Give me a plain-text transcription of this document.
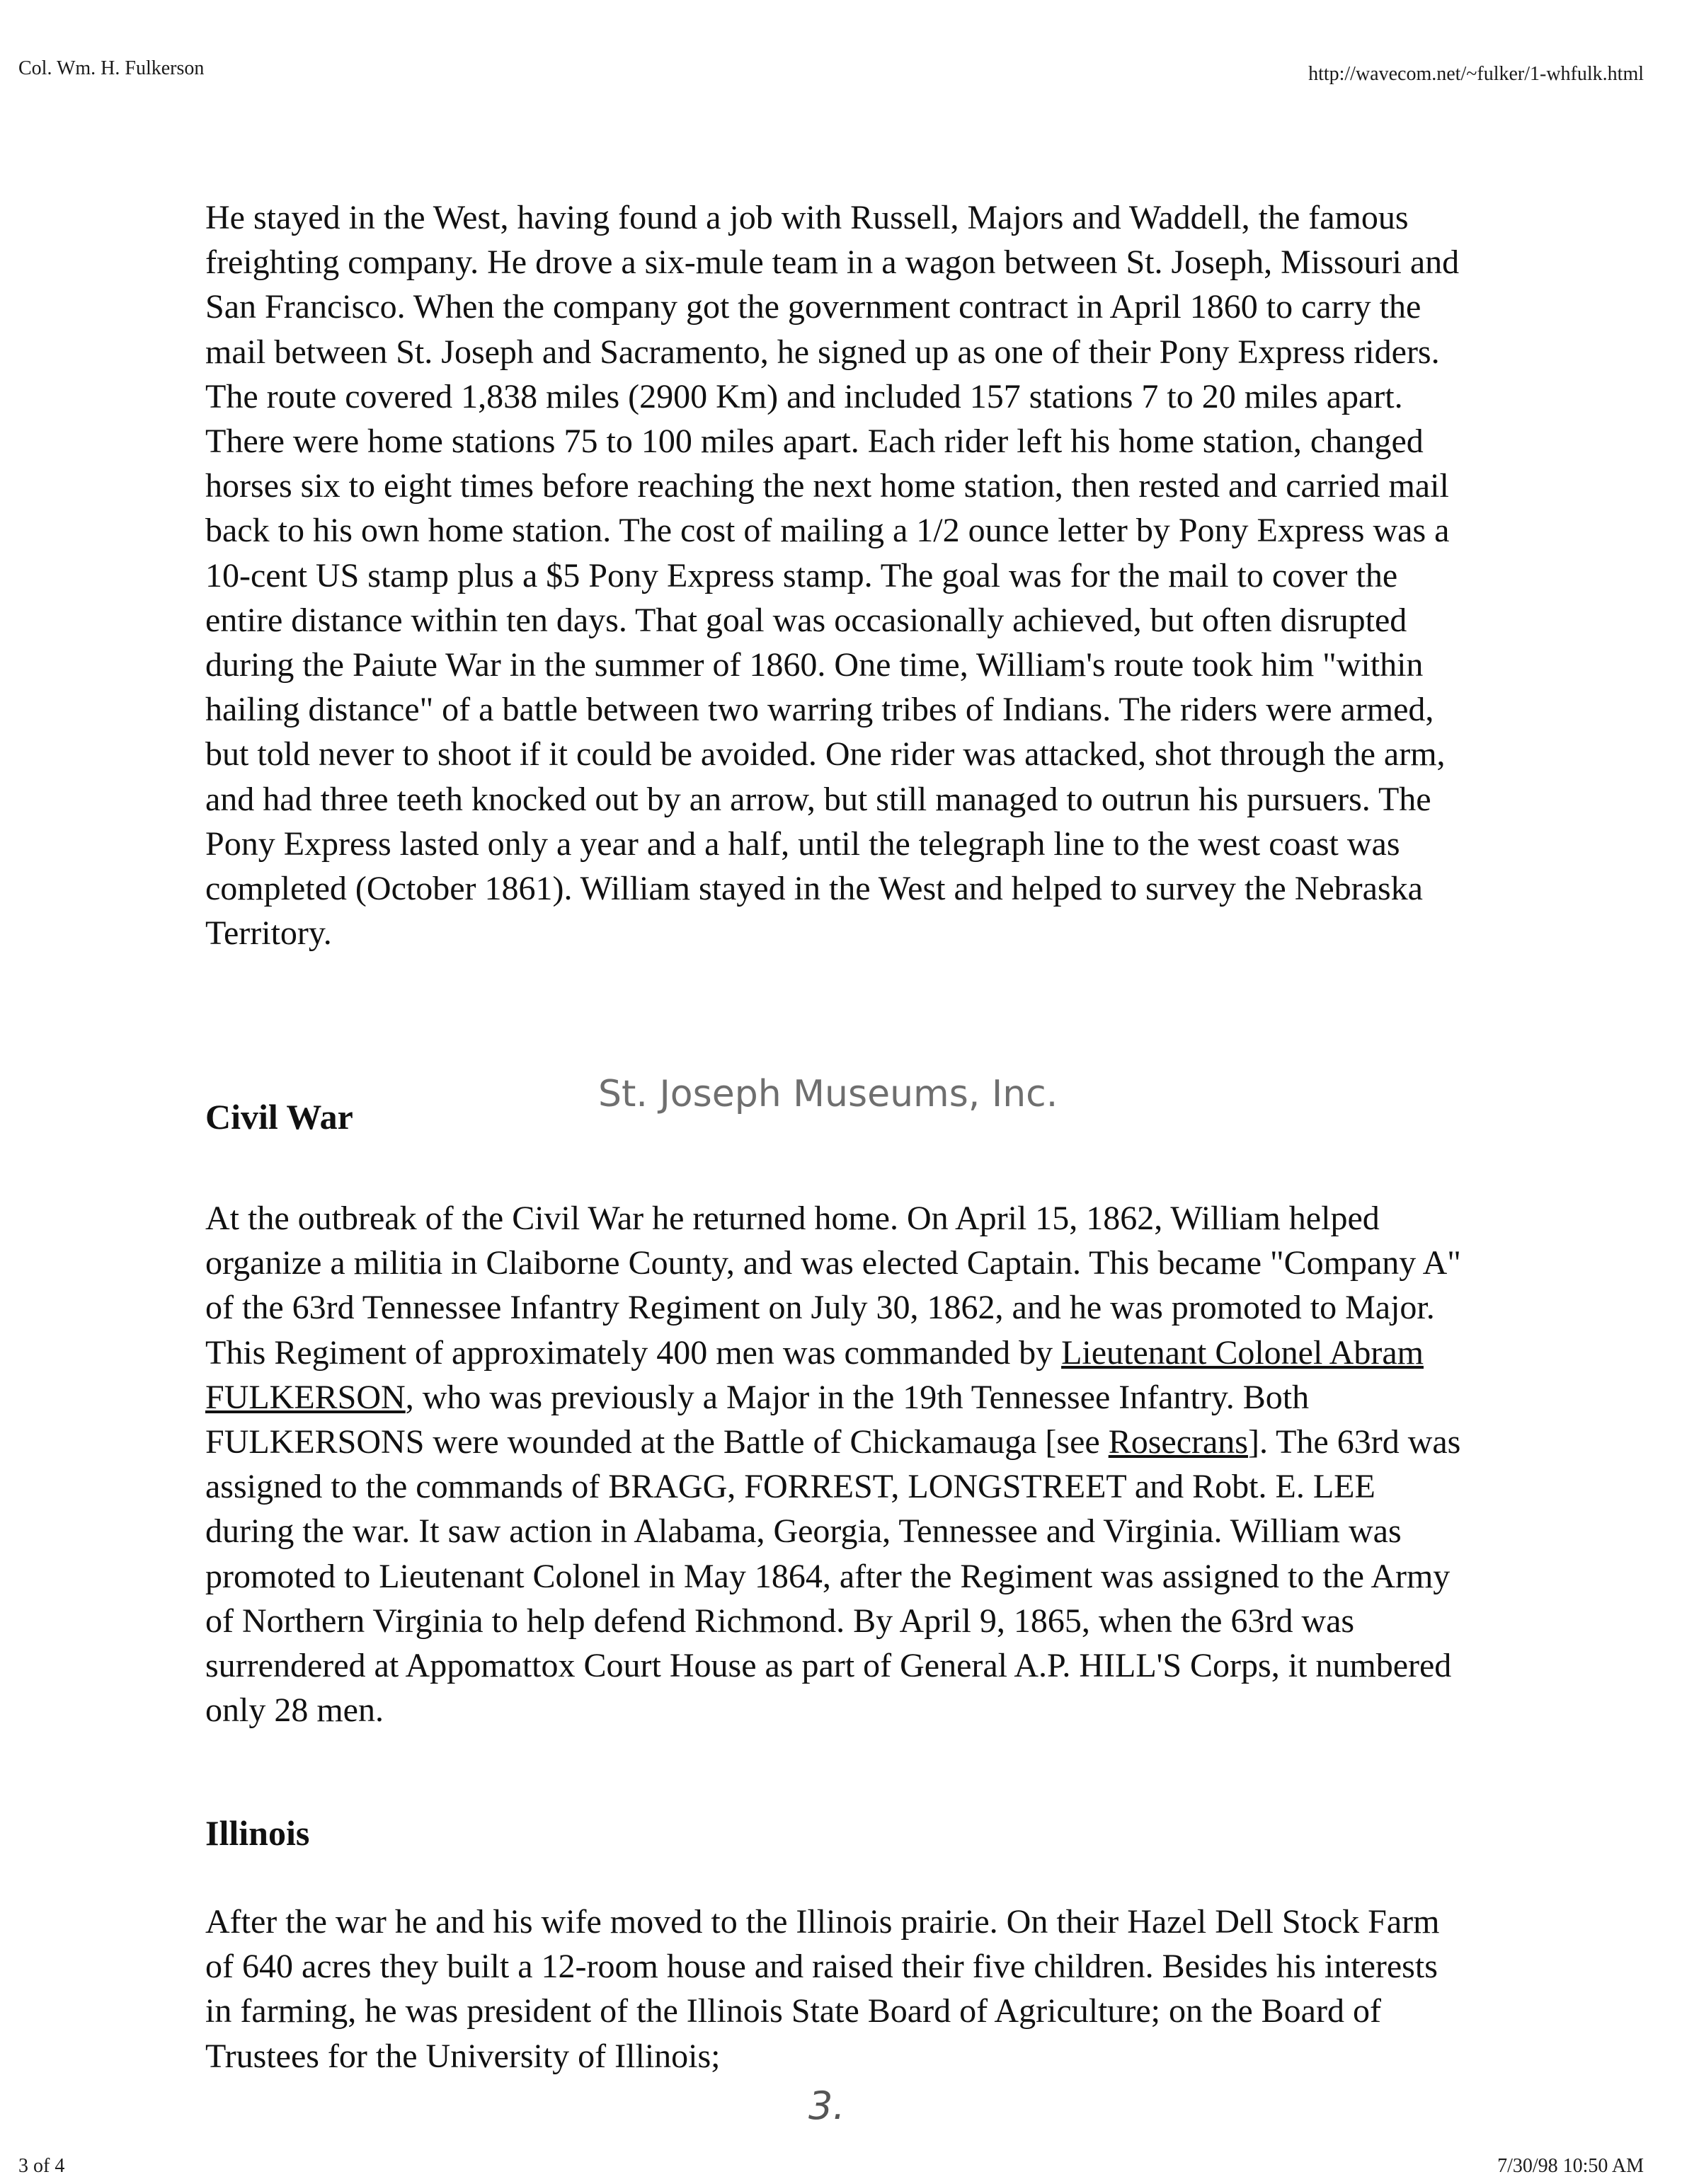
Col. Wm. H. Fulkerson	http://wavecom.net/~fulker/1-whfulk.html

He stayed in the West, having found a job with Russell, Majors and Waddell, the famous freighting company. He drove a six-mule team in a wagon between St. Joseph, Missouri and San Francisco. When the company got the government contract in April 1860 to carry the mail between St. Joseph and Sacramento, he signed up as one of their Pony Express riders. The route covered 1,838 miles (2900 Km) and included 157 stations 7 to 20 miles apart. There were home stations 75 to 100 miles apart. Each rider left his home station, changed horses six to eight times before reaching the next home station, then rested and carried mail back to his own home station. The cost of mailing a 1/2 ounce letter by Pony Express was a 10-cent US stamp plus a $5 Pony Express stamp. The goal was for the mail to cover the entire distance within ten days. That goal was occasionally achieved, but often disrupted during the Paiute War in the summer of 1860. One time, William's route took him "within hailing distance" of a battle between two warring tribes of Indians. The riders were armed, but told never to shoot if it could be avoided. One rider was attacked, shot through the arm, and had three teeth knocked out by an arrow, but still managed to outrun his pursuers. The Pony Express lasted only a year and a half, until the telegraph line to the west coast was completed (October 1861). William stayed in the West and helped to survey the Nebraska Territory.

Civil War
St. Joseph Museums, Inc.

At the outbreak of the Civil War he returned home. On April 15, 1862, William helped organize a militia in Claiborne County, and was elected Captain. This became "Company A" of the 63rd Tennessee Infantry Regiment on July 30, 1862, and he was promoted to Major. This Regiment of approximately 400 men was commanded by Lieutenant Colonel Abram FULKERSON, who was previously a Major in the 19th Tennessee Infantry. Both FULKERSONS were wounded at the Battle of Chickamauga [see Rosecrans]. The 63rd was assigned to the commands of BRAGG, FORREST, LONGSTREET and Robt. E. LEE during the war. It saw action in Alabama, Georgia, Tennessee and Virginia. William was promoted to Lieutenant Colonel in May 1864, after the Regiment was assigned to the Army of Northern Virginia to help defend Richmond. By April 9, 1865, when the 63rd was surrendered at Appomattox Court House as part of General A.P. HILL'S Corps, it numbered only 28 men.

Illinois

After the war he and his wife moved to the Illinois prairie. On their Hazel Dell Stock Farm of 640 acres they built a 12-room house and raised their five children. Besides his interests in farming, he was president of the Illinois State Board of Agriculture; on the Board of Trustees for the University of Illinois;

3.
3 of 4	7/30/98 10:50 AM
